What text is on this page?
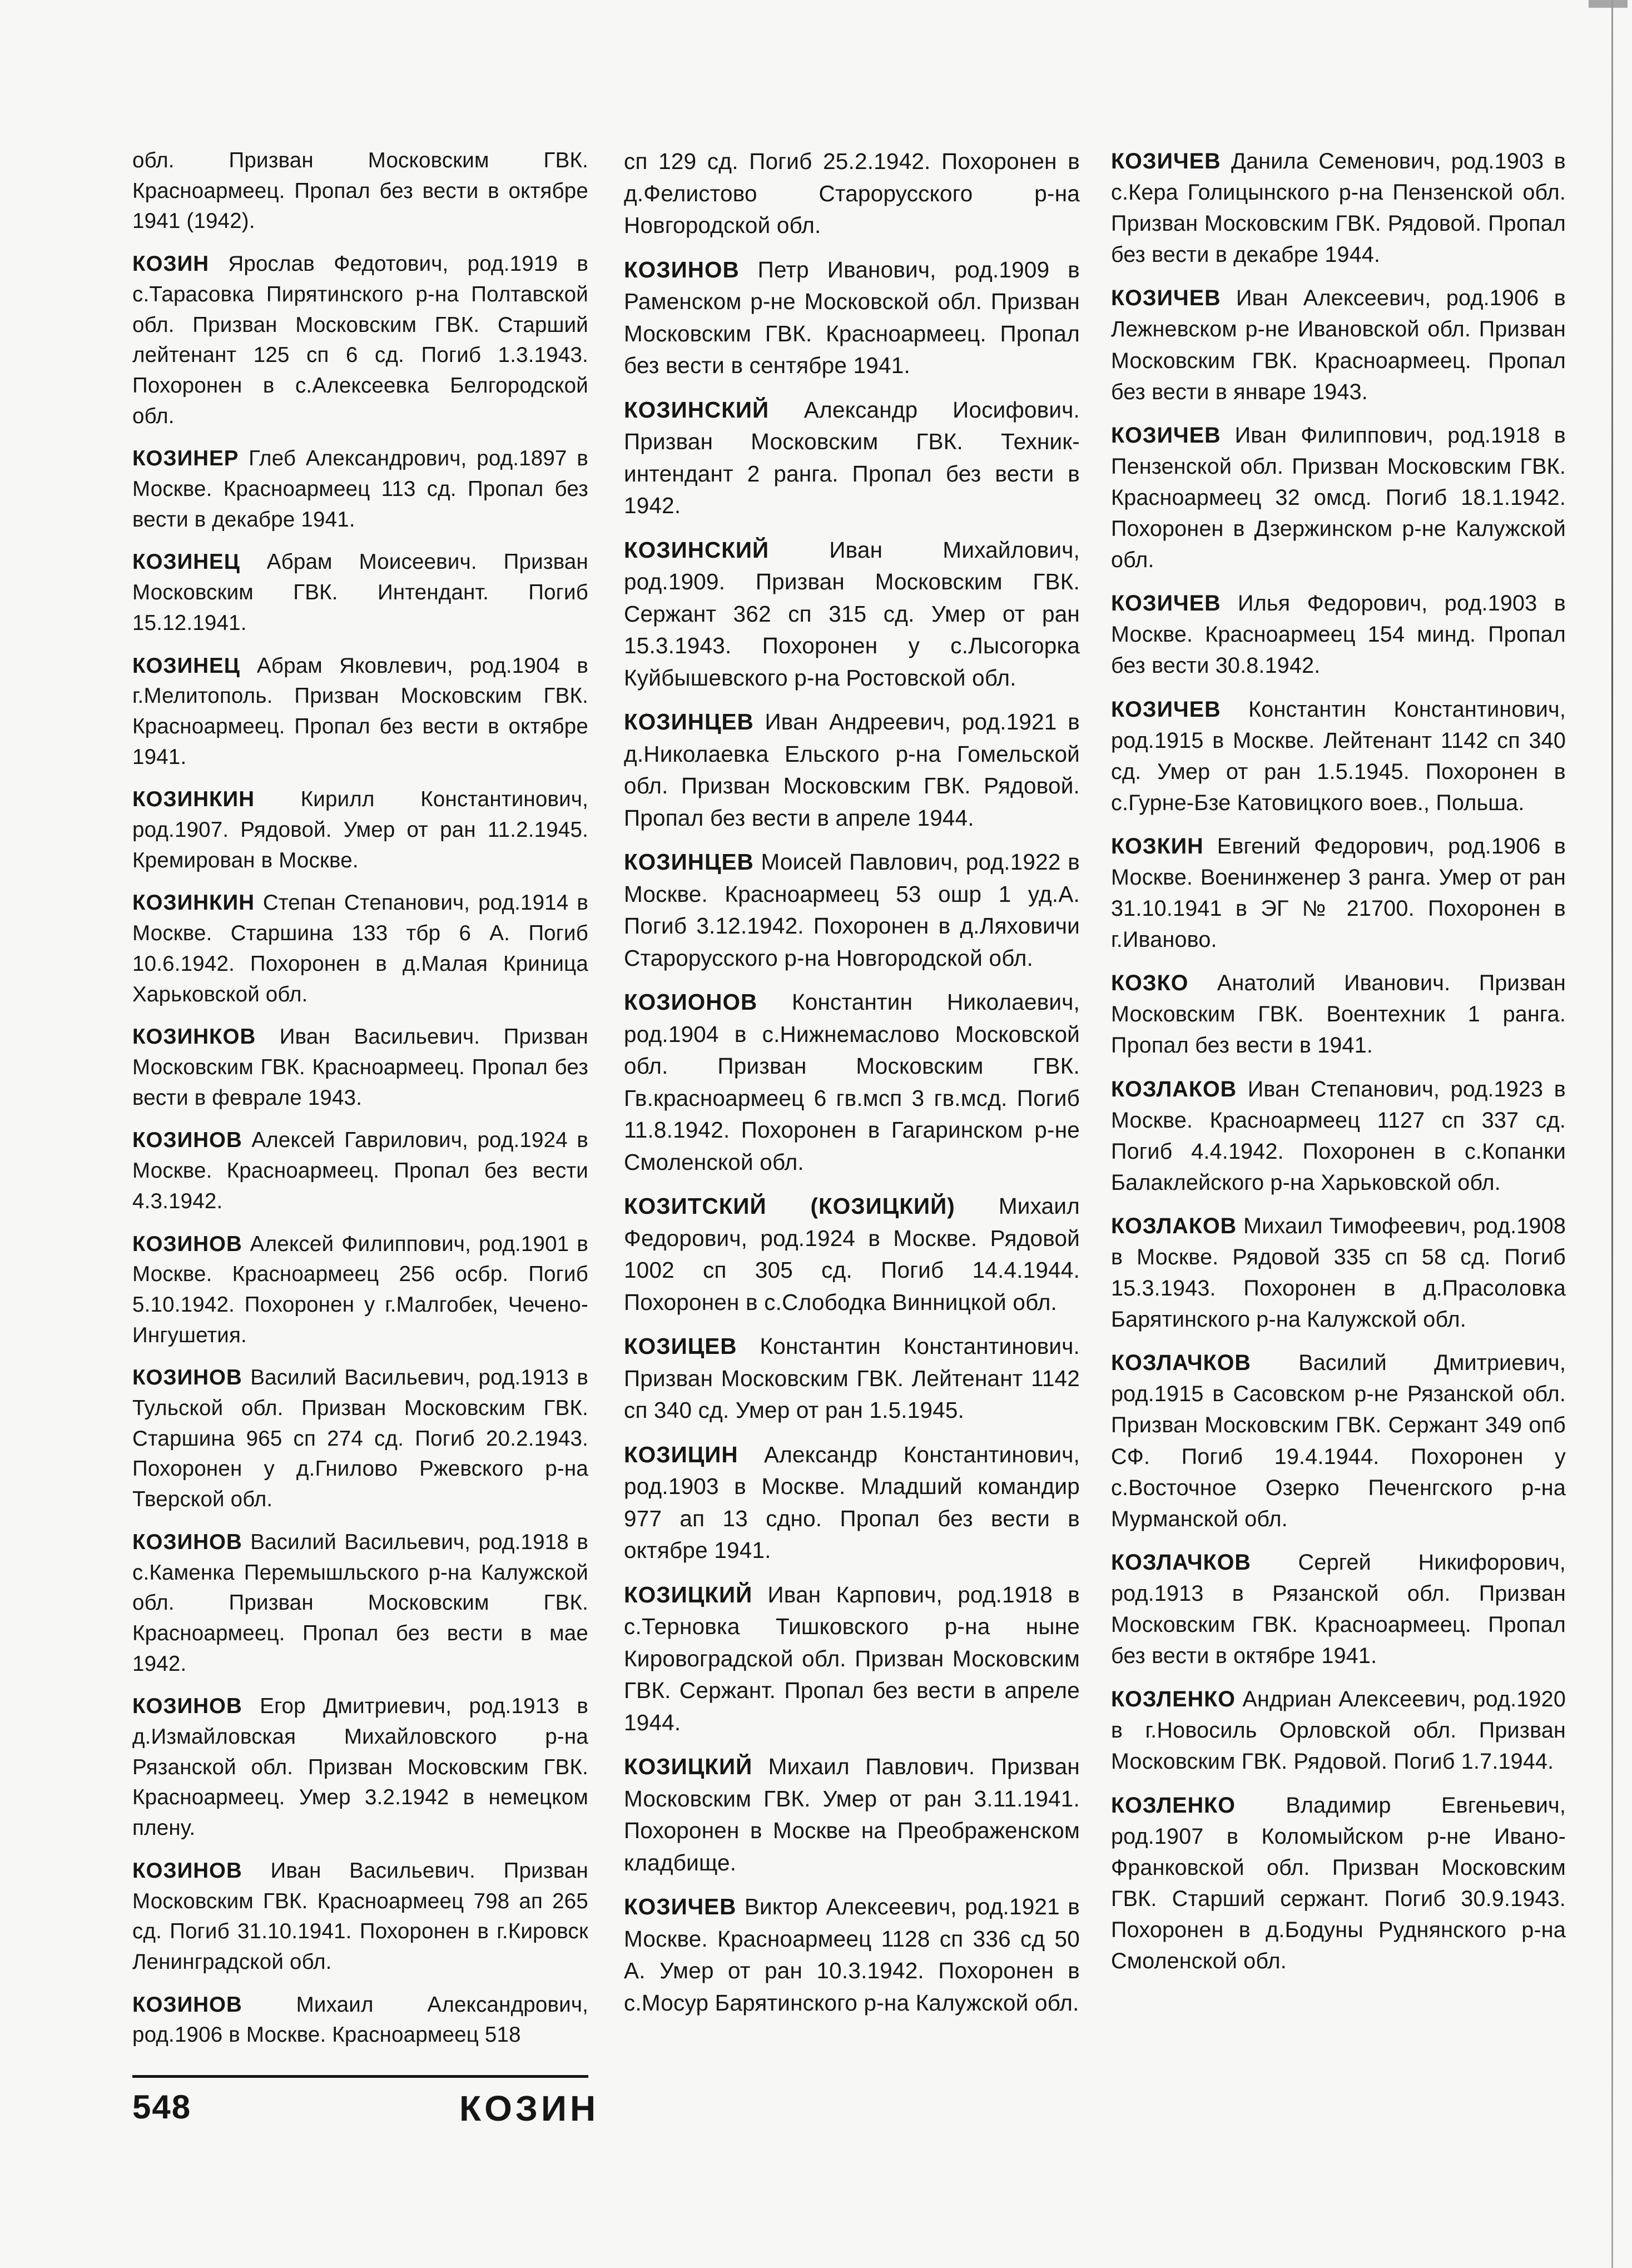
обл. Призван Московским ГВК. Красноармеец. Пропал без вести в октябре 1941 (1942).

КОЗИН Ярослав Федотович, род.1919 в с.Тарасовка Пирятинского р-на Полтавской обл. Призван Московским ГВК. Старший лейтенант 125 сп 6 сд. Погиб 1.3.1943. Похоронен в с.Алексеевка Белгородской обл.

КОЗИНЕР Глеб Александрович, род.1897 в Москве. Красноармеец 113 сд. Пропал без вести в декабре 1941.

КОЗИНЕЦ Абрам Моисеевич. Призван Московским ГВК. Интендант. Погиб 15.12.1941.

КОЗИНЕЦ Абрам Яковлевич, род.1904 в г.Мелитополь. Призван Московским ГВК. Красноармеец. Пропал без вести в октябре 1941.

КОЗИНКИН Кирилл Константинович, род.1907. Рядовой. Умер от ран 11.2.1945. Кремирован в Москве.

КОЗИНКИН Степан Степанович, род.1914 в Москве. Старшина 133 тбр 6 А. Погиб 10.6.1942. Похоронен в д.Малая Криница Харьковской обл.

КОЗИНКОВ Иван Васильевич. Призван Московским ГВК. Красноармеец. Пропал без вести в феврале 1943.

КОЗИНОВ Алексей Гаврилович, род.1924 в Москве. Красноармеец. Пропал без вести 4.3.1942.

КОЗИНОВ Алексей Филиппович, род.1901 в Москве. Красноармеец 256 осбр. Погиб 5.10.1942. Похоронен у г.Малгобек, Чечено-Ингушетия.

КОЗИНОВ Василий Васильевич, род.1913 в Тульской обл. Призван Московским ГВК. Старшина 965 сп 274 сд. Погиб 20.2.1943. Похоронен у д.Гнилово Ржевского р-на Тверской обл.

КОЗИНОВ Василий Васильевич, род.1918 в с.Каменка Перемышльского р-на Калужской обл. Призван Московским ГВК. Красноармеец. Пропал без вести в мае 1942.

КОЗИНОВ Егор Дмитриевич, род.1913 в д.Измайловская Михайловского р-на Рязанской обл. Призван Московским ГВК. Красноармеец. Умер 3.2.1942 в немецком плену.

КОЗИНОВ Иван Васильевич. Призван Московским ГВК. Красноармеец 798 ап 265 сд. Погиб 31.10.1941. Похоронен в г.Кировск Ленинградской обл.

КОЗИНОВ Михаил Александрович, род.1906 в Москве. Красноармеец 518

сп 129 сд. Погиб 25.2.1942. Похоронен в д.Фелистово Старорусского р-на Новгородской обл.

КОЗИНОВ Петр Иванович, род.1909 в Раменском р-не Московской обл. Призван Московским ГВК. Красноармеец. Пропал без вести в сентябре 1941.

КОЗИНСКИЙ Александр Иосифович. Призван Московским ГВК. Техник-интендант 2 ранга. Пропал без вести в 1942.

КОЗИНСКИЙ Иван Михайлович, род.1909. Призван Московским ГВК. Сержант 362 сп 315 сд. Умер от ран 15.3.1943. Похоронен у с.Лысогорка Куйбышевского р-на Ростовской обл.

КОЗИНЦЕВ Иван Андреевич, род.1921 в д.Николаевка Ельского р-на Гомельской обл. Призван Московским ГВК. Рядовой. Пропал без вести в апреле 1944.

КОЗИНЦЕВ Моисей Павлович, род.1922 в Москве. Красноармеец 53 ошр 1 уд.А. Погиб 3.12.1942. Похоронен в д.Ляховичи Старорусского р-на Новгородской обл.

КОЗИОНОВ Константин Николаевич, род.1904 в с.Нижнемаслово Московской обл. Призван Московским ГВК. Гв.красноармеец 6 гв.мсп 3 гв.мсд. Погиб 11.8.1942. Похоронен в Гагаринском р-не Смоленской обл.

КОЗИТСКИЙ (КОЗИЦКИЙ) Михаил Федорович, род.1924 в Москве. Рядовой 1002 сп 305 сд. Погиб 14.4.1944. Похоронен в с.Слободка Винницкой обл.

КОЗИЦЕВ Константин Константинович. Призван Московским ГВК. Лейтенант 1142 сп 340 сд. Умер от ран 1.5.1945.

КОЗИЦИН Александр Константинович, род.1903 в Москве. Младший командир 977 ап 13 сдно. Пропал без вести в октябре 1941.

КОЗИЦКИЙ Иван Карпович, род.1918 в с.Терновка Тишковского р-на ныне Кировоградской обл. Призван Московским ГВК. Сержант. Пропал без вести в апреле 1944.

КОЗИЦКИЙ Михаил Павлович. Призван Московским ГВК. Умер от ран 3.11.1941. Похоронен в Москве на Преображенском кладбище.

КОЗИЧЕВ Виктор Алексеевич, род.1921 в Москве. Красноармеец 1128 сп 336 сд 50 А. Умер от ран 10.3.1942. Похоронен в с.Мосур Барятинского р-на Калужской обл.

КОЗИЧЕВ Данила Семенович, род.1903 в с.Кера Голицынского р-на Пензенской обл. Призван Московским ГВК. Рядовой. Пропал без вести в декабре 1944.

КОЗИЧЕВ Иван Алексеевич, род.1906 в Лежневском р-не Ивановской обл. Призван Московским ГВК. Красноармеец. Пропал без вести в январе 1943.

КОЗИЧЕВ Иван Филиппович, род.1918 в Пензенской обл. Призван Московским ГВК. Красноармеец 32 омсд. Погиб 18.1.1942. Похоронен в Дзержинском р-не Калужской обл.

КОЗИЧЕВ Илья Федорович, род.1903 в Москве. Красноармеец 154 минд. Пропал без вести 30.8.1942.

КОЗИЧЕВ Константин Константинович, род.1915 в Москве. Лейтенант 1142 сп 340 сд. Умер от ран 1.5.1945. Похоронен в с.Гурне-Бзе Катовицкого воев., Польша.

КОЗКИН Евгений Федорович, род.1906 в Москве. Военинженер 3 ранга. Умер от ран 31.10.1941 в ЭГ № 21700. Похоронен в г.Иваново.

КОЗКО Анатолий Иванович. Призван Московским ГВК. Воентехник 1 ранга. Пропал без вести в 1941.

КОЗЛАКОВ Иван Степанович, род.1923 в Москве. Красноармеец 1127 сп 337 сд. Погиб 4.4.1942. Похоронен в с.Копанки Балаклейского р-на Харьковской обл.

КОЗЛАКОВ Михаил Тимофеевич, род.1908 в Москве. Рядовой 335 сп 58 сд. Погиб 15.3.1943. Похоронен в д.Прасоловка Барятинского р-на Калужской обл.

КОЗЛАЧКОВ Василий Дмитриевич, род.1915 в Сасовском р-не Рязанской обл. Призван Московским ГВК. Сержант 349 опб СФ. Погиб 19.4.1944. Похоронен у с.Восточное Озерко Печенгского р-на Мурманской обл.

КОЗЛАЧКОВ Сергей Никифорович, род.1913 в Рязанской обл. Призван Московским ГВК. Красноармеец. Пропал без вести в октябре 1941.

КОЗЛЕНКО Андриан Алексеевич, род.1920 в г.Новосиль Орловской обл. Призван Московским ГВК. Рядовой. Погиб 1.7.1944.

КОЗЛЕНКО Владимир Евгеньевич, род.1907 в Коломыйском р-не Ивано-Франковской обл. Призван Московским ГВК. Старший сержант. Погиб 30.9.1943. Похоронен в д.Бодуны Руднянского р-на Смоленской обл.

548	КОЗИН
